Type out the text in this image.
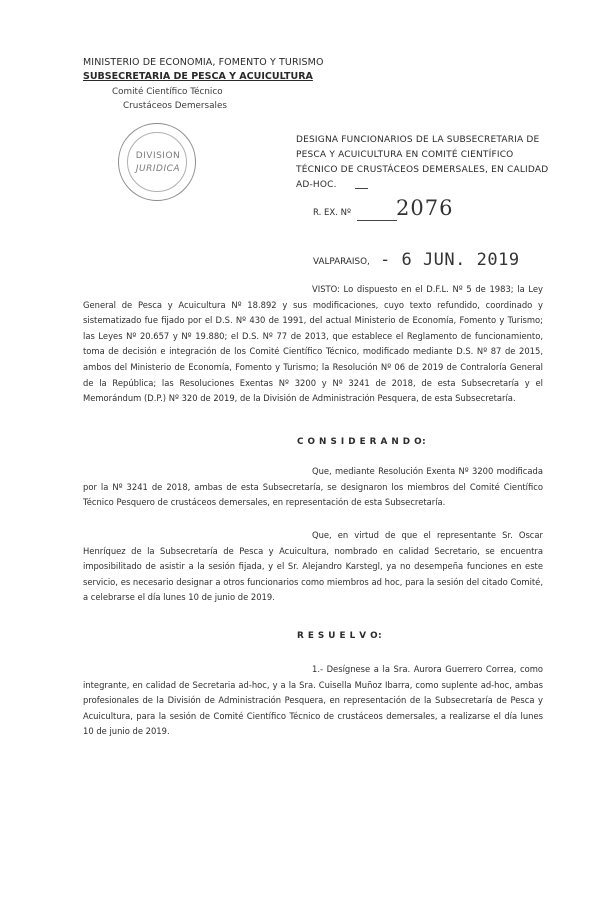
MINISTERIO DE ECONOMIA, FOMENTO Y TURISMO
SUBSECRETARIA DE PESCA Y ACUICULTURA
Comité Científico Técnico
Crustáceos Demersales
DIVISION
JURIDICA
DESIGNA FUNCIONARIOS DE LA SUBSECRETARIA DE PESCA Y ACUICULTURA EN COMITÉ CIENTÍFICO TÉCNICO DE CRUSTÁCEOS DEMERSALES, EN CALIDAD AD-HOC.
R. EX. Nº 2076
VALPARAISO, - 6 JUN. 2019
VISTO: Lo dispuesto en el D.F.L. Nº 5 de 1983; la Ley General de Pesca y Acuicultura Nº 18.892 y sus modificaciones, cuyo texto refundido, coordinado y sistematizado fue fijado por el D.S. Nº 430 de 1991, del actual Ministerio de Economía, Fomento y Turismo; las Leyes Nº 20.657 y Nº 19.880; el D.S. Nº 77 de 2013, que establece el Reglamento de funcionamiento, toma de decisión e integración de los Comité Científico Técnico, modificado mediante D.S. Nº 87 de 2015, ambos del Ministerio de Economía, Fomento y Turismo; la Resolución Nº 06 de 2019 de Contraloría General de la República; las Resoluciones Exentas Nº 3200 y Nº 3241 de 2018, de esta Subsecretaría y el Memorándum (D.P.) Nº 320 de 2019, de la División de Administración Pesquera, de esta Subsecretaría.
C O N S I D E R A N D O:
Que, mediante Resolución Exenta Nº 3200 modificada por la Nº 3241 de 2018, ambas de esta Subsecretaría, se designaron los miembros del Comité Científico Técnico Pesquero de crustáceos demersales, en representación de esta Subsecretaría.
Que, en virtud de que el representante Sr. Oscar Henríquez de la Subsecretaría de Pesca y Acuicultura, nombrado en calidad Secretario, se encuentra imposibilitado de asistir a la sesión fijada, y el Sr. Alejandro Karstegl, ya no desempeña funciones en este servicio, es necesario designar a otros funcionarios como miembros ad hoc, para la sesión del citado Comité, a celebrarse el día lunes 10 de junio de 2019.
R E S U E L V O:
1.- Desígnese a la Sra. Aurora Guerrero Correa, como integrante, en calidad de Secretaria ad-hoc, y a la Sra. Cuisella Muñoz Ibarra, como suplente ad-hoc, ambas profesionales de la División de Administración Pesquera, en representación de la Subsecretaría de Pesca y Acuicultura, para la sesión de Comité Científico Técnico de crustáceos demersales, a realizarse el día lunes 10 de junio de 2019.
